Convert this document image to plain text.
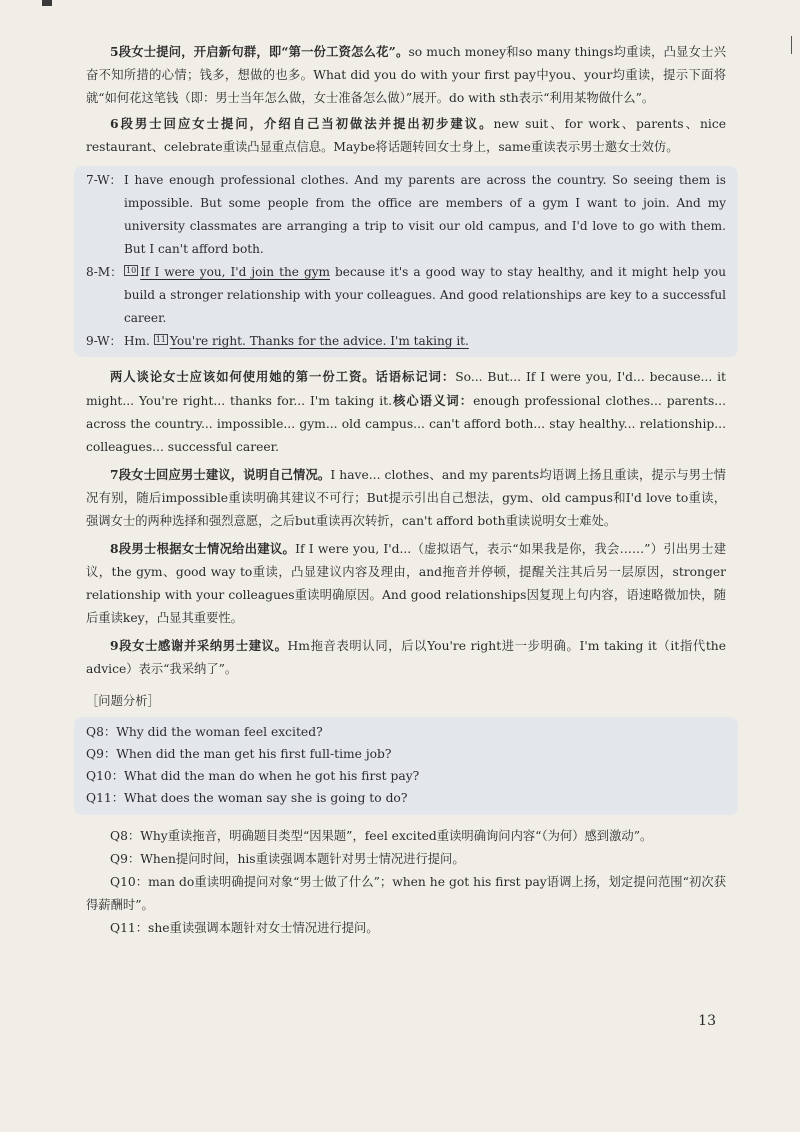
5段女士提问，开启新句群，即“第一份工资怎么花”。so much money和so many things均重读，凸显女士兴奋不知所措的心情；钱多，想做的也多。What did you do with your first pay中you、your均重读，提示下面将就“如何花这笔钱（即：男士当年怎么做，女士准备怎么做）”展开。do with sth表示“利用某物做什么”。

6段男士回应女士提问，介绍自己当初做法并提出初步建议。new suit、for work、parents、nice restaurant、celebrate重读凸显重点信息。Maybe将话题转回女士身上，same重读表示男士邀女士效仿。

7-W： I have enough professional clothes. And my parents are across the country. So seeing them is impossible. But some people from the office are members of a gym I want to join. And my university classmates are arranging a trip to visit our old campus, and I'd love to go with them. But I can't afford both.
8-M： 10 If I were you, I'd join the gym because it's a good way to stay healthy, and it might help you build a stronger relationship with your colleagues. And good relationships are key to a successful career.
9-W： Hm. 11 You're right. Thanks for the advice. I'm taking it.

两人谈论女士应该如何使用她的第一份工资。话语标记词：So... But... If I were you, I'd... because... it might... You're right... thanks for... I'm taking it.核心语义词：enough professional clothes... parents... across the country... impossible... gym... old campus... can't afford both... stay healthy... relationship... colleagues... successful career.

7段女士回应男士建议，说明自己情况。I have... clothes、and my parents均语调上扬且重读，提示与男士情况有别，随后impossible重读明确其建议不可行；But提示引出自己想法，gym、old campus和I'd love to重读，强调女士的两种选择和强烈意愿，之后but重读再次转折，can't afford both重读说明女士难处。

8段男士根据女士情况给出建议。If I were you, I'd...（虚拟语气，表示“如果我是你，我会……”）引出男士建议，the gym、good way to重读，凸显建议内容及理由，and拖音并停顿，提醒关注其后另一层原因，stronger relationship with your colleagues重读明确原因。And good relationships因复现上句内容，语速略微加快，随后重读key，凸显其重要性。

9段女士感谢并采纳男士建议。Hm拖音表明认同，后以You're right进一步明确。I'm taking it（it指代the advice）表示“我采纳了”。

［问题分析］

Q8：Why did the woman feel excited?

Q9：When did the man get his first full-time job?

Q10：What did the man do when he got his first pay?

Q11：What does the woman say she is going to do?

Q8：Why重读拖音，明确题目类型“因果题”，feel excited重读明确询问内容“（为何）感到激动”。

Q9：When提问时间，his重读强调本题针对男士情况进行提问。

Q10：man do重读明确提问对象“男士做了什么”；when he got his first pay语调上扬，划定提问范围“初次获得薪酬时”。

Q11：she重读强调本题针对女士情况进行提问。

13
